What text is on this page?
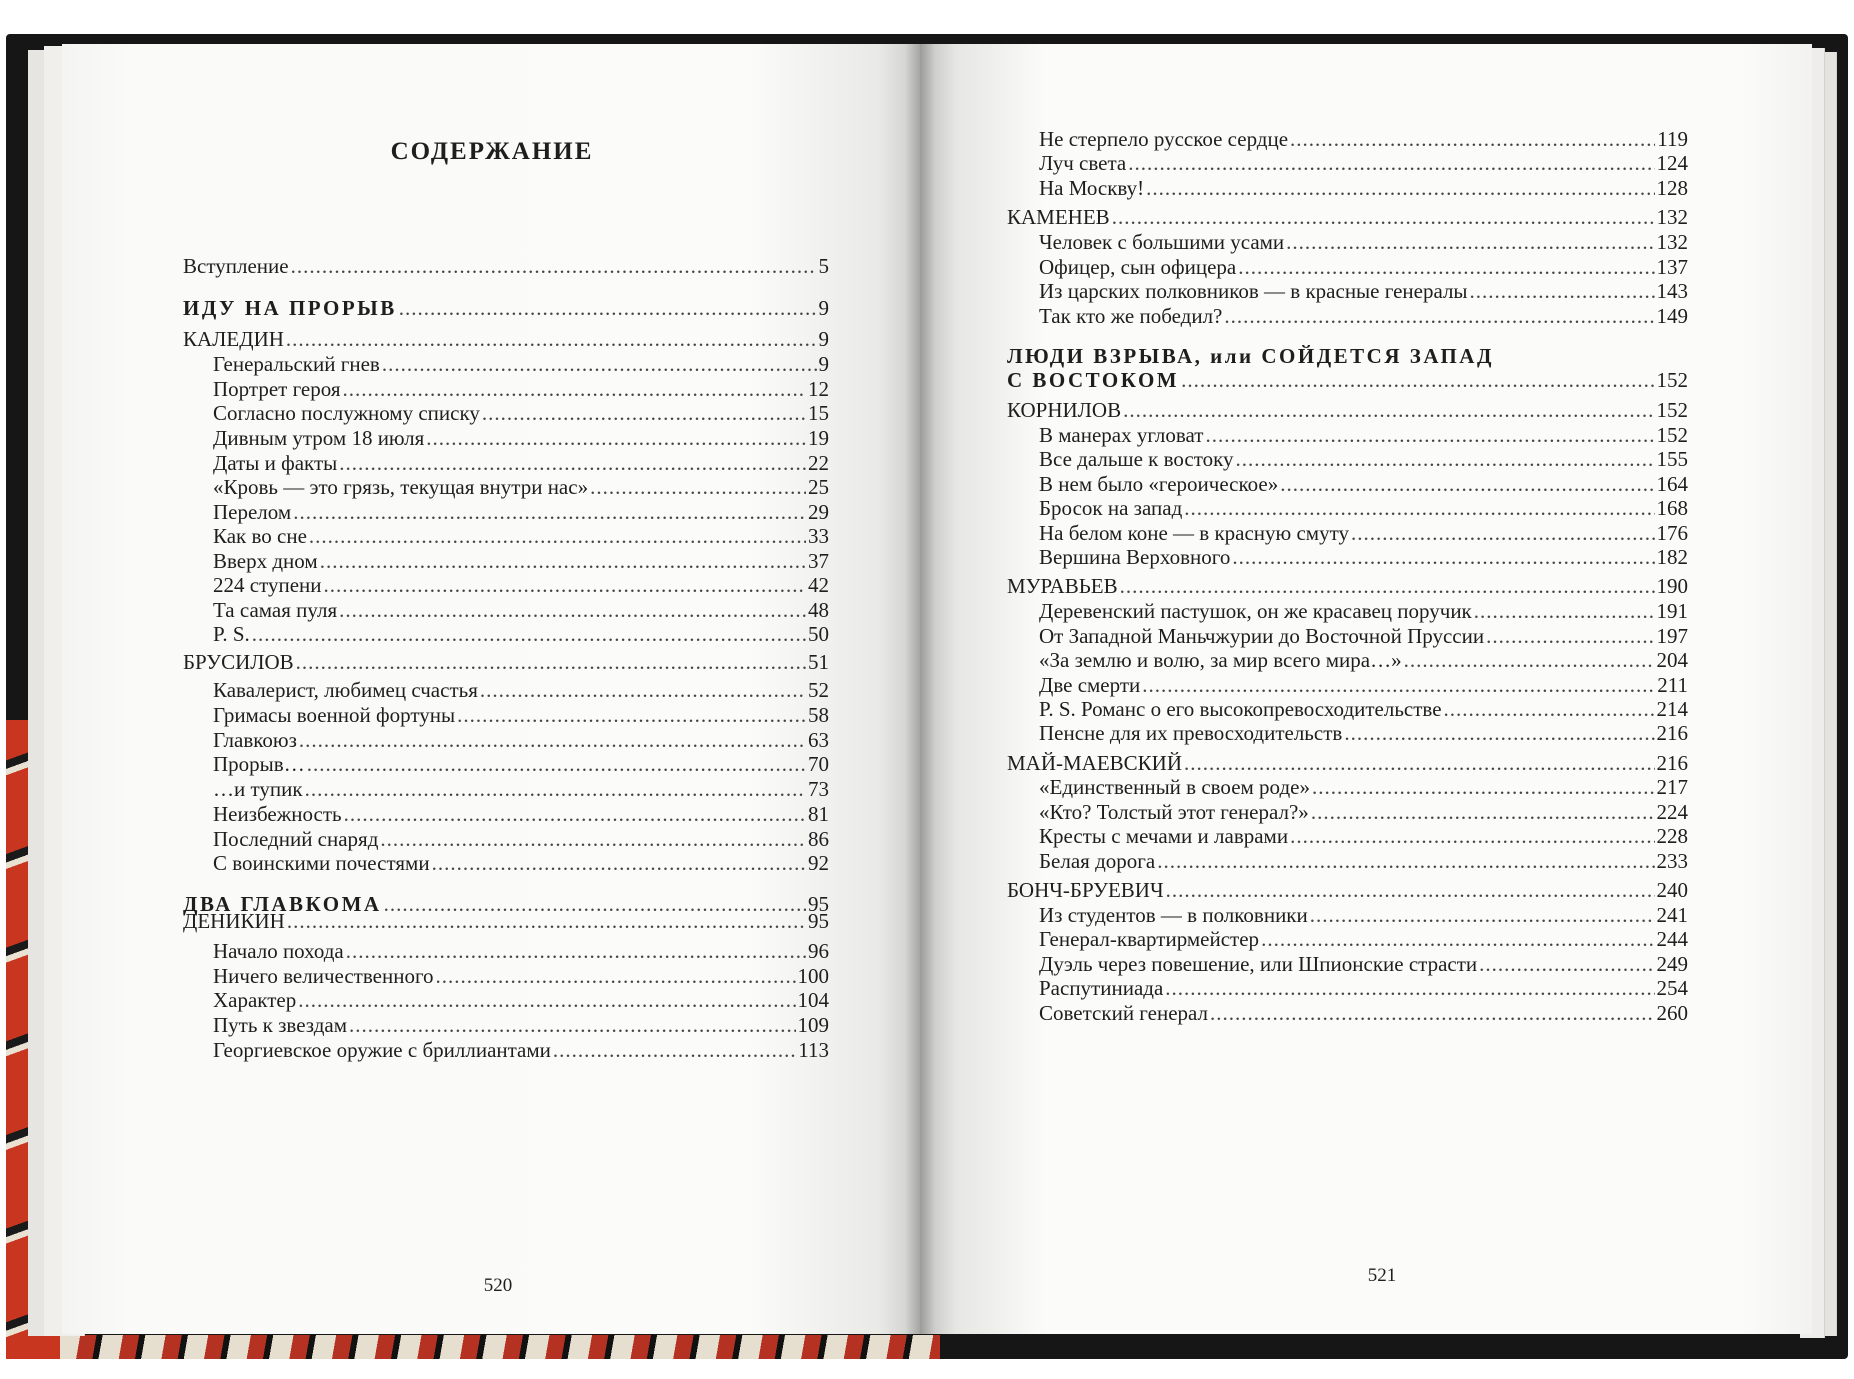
СОДЕРЖАНИЕ
Вступление .....	5
ИДУ НА ПРОРЫВ .....	9
КАЛЕДИН .....	9
Генеральский гнев .....	9
Портрет героя .....	12
Согласно послужному списку .....	15
Дивным утром 18 июля .....	19
Даты и факты .....	22
«Кровь — это грязь, текущая внутри нас» .....	25
Перелом .....	29
Как во сне .....	33
Вверх дном .....	37
224 ступени .....	42
Та самая пуля .....	48
P. S. .....	50
БРУСИЛОВ .....	51
Кавалерист, любимец счастья .....	52
Гримасы военной фортуны .....	58
Главкоюз .....	63
Прорыв… .....	70
…и тупик .....	73
Неизбежность .....	81
Последний снаряд .....	86
С воинскими почестями .....	92
ДВА ГЛАВКОМА .....	95
ДЕНИКИН .....	95
Начало похода .....	96
Ничего величественного .....	100
Характер .....	104
Путь к звездам .....	109
Георгиевское оружие с бриллиантами .....	113
520
Не стерпело русское сердце .....	119
Луч света .....	124
На Москву! .....	128
КАМЕНЕВ .....	132
Человек с большими усами .....	132
Офицер, сын офицера .....	137
Из царских полковников — в красные генералы .....	143
Так кто же победил? .....	149
ЛЮДИ ВЗРЫВА, или СОЙДЕТСЯ ЗАПАД
С ВОСТОКОМ .....	152
КОРНИЛОВ .....	152
В манерах угловат .....	152
Все дальше к востоку .....	155
В нем было «героическое» .....	164
Бросок на запад .....	168
На белом коне — в красную смуту .....	176
Вершина Верховного .....	182
МУРАВЬЕВ .....	190
Деревенский пастушок, он же красавец поручик .....	191
От Западной Маньчжурии до Восточной Пруссии .....	197
«За землю и волю, за мир всего мира…» .....	204
Две смерти .....	211
P. S. Романс о его высокопревосходительстве .....	214
Пенсне для их превосходительств .....	216
МАЙ-МАЕВСКИЙ .....	216
«Единственный в своем роде» .....	217
«Кто? Толстый этот генерал?» .....	224
Кресты с мечами и лаврами .....	228
Белая дорога .....	233
БОНЧ-БРУЕВИЧ .....	240
Из студентов — в полковники .....	241
Генерал-квартирмейстер .....	244
Дуэль через повешение, или Шпионские страсти .....	249
Распутиниада .....	254
Советский генерал .....	260
521
